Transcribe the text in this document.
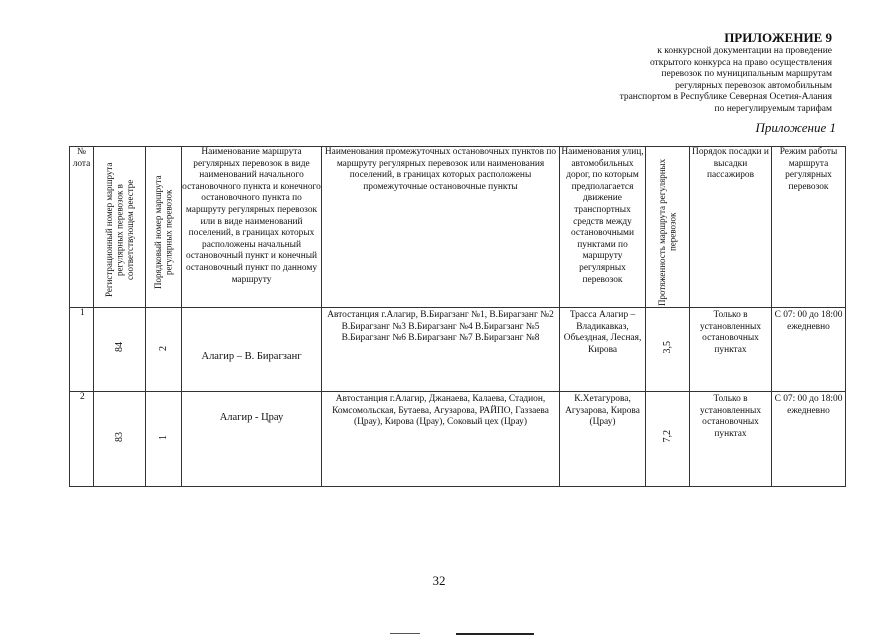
ПРИЛОЖЕНИЕ 9
к конкурсной документации на проведение
открытого конкурса на право осуществления
перевозок по муниципальным маршрутам
регулярных перевозок автомобильным
транспортом в Республике Северная Осетия-Алания
по нерегулируемым тарифам
Приложение 1
№ лота	Регистрационный номер маршрута регулярных перевозок в соответствующем реестре	Порядковый номер маршрута регулярных перевозок	Наименование маршрута регулярных перевозок в виде наименований начального остановочного пункта и конечного остановочного пункта по маршруту регулярных перевозок или в виде наименований поселений, в границах которых расположены начальный остановочный пункт и конечный остановочный пункт по данному маршруту	Наименования промежуточных остановочных пунктов по маршруту регулярных перевозок или наименования поселений, в границах которых расположены промежуточные остановочные пункты	Наименования улиц, автомобильных дорог, по которым предполагается движение транспортных средств между остановочными пунктами по маршруту регулярных перевозок	Протяженность маршрута регулярных перевозок	Порядок посадки и высадки пассажиров	Режим работы маршрута регулярных перевозок
1	84	2	Алагир – В. Бирагзанг	Автостанция г.Алагир, В.Бирагзанг №1, В.Бирагзанг №2 В.Бирагзанг №3 В.Бирагзанг №4 В.Бирагзанг №5 В.Бирагзанг №6 В.Бирагзанг №7 В.Бирагзанг №8	Трасса Алагир – Владикавказ, Объездная, Лесная, Кирова	3,5	Только в установленных остановочных пунктах	С 07: 00 до 18:00 ежедневно
2	83	1	Алагир - Црау	Автостанция г.Алагир, Джанаева, Калаева, Стадион, Комсомольская, Бутаева, Агузарова, РАЙПО, Газзаева (Црау), Кирова (Црау), Соковый цех (Црау)	К.Хетагурова, Агузарова, Кирова (Црау)	7,2	Только в установленных остановочных пунктах	С 07: 00 до 18:00 ежедневно
32
